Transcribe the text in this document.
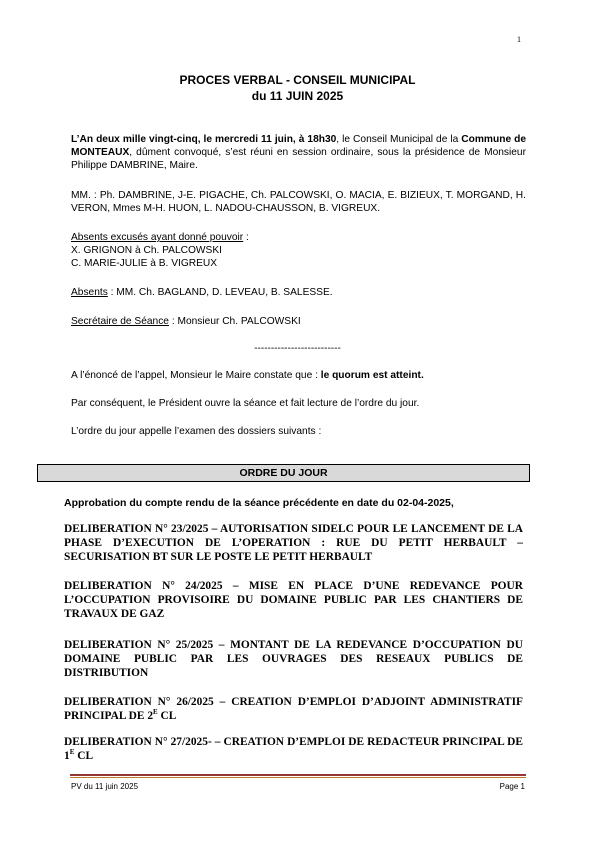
1
PROCES VERBAL - CONSEIL MUNICIPAL
du 11 JUIN 2025
L’An deux mille vingt-cinq, le mercredi 11 juin, à 18h30, le Conseil Municipal de la Commune de MONTEAUX, dûment convoqué, s’est réuni en session ordinaire, sous la présidence de Monsieur Philippe DAMBRINE, Maire.
MM. : Ph. DAMBRINE, J-E. PIGACHE, Ch. PALCOWSKI, O. MACIA, E. BIZIEUX, T. MORGAND, H. VERON, Mmes M-H. HUON, L. NADOU-CHAUSSON, B. VIGREUX.
Absents excusés ayant donné pouvoir :
X. GRIGNON à Ch. PALCOWSKI
C. MARIE-JULIE à B. VIGREUX
Absents : MM. Ch. BAGLAND, D. LEVEAU, B. SALESSE.
Secrétaire de Séance : Monsieur Ch. PALCOWSKI
--------------------------
A l’énoncé de l’appel, Monsieur le Maire constate que : le quorum est atteint.
Par conséquent, le Président ouvre la séance et fait lecture de l’ordre du jour.
L’ordre du jour appelle l’examen des dossiers suivants :
ORDRE DU JOUR
Approbation du compte rendu de la séance précédente en date du 02-04-2025,
DELIBERATION N° 23/2025 – AUTORISATION SIDELC POUR LE LANCEMENT DE LA PHASE D’EXECUTION DE L’OPERATION : RUE DU PETIT HERBAULT – SECURISATION BT SUR LE POSTE LE PETIT HERBAULT
DELIBERATION N° 24/2025 – MISE EN PLACE D’UNE REDEVANCE POUR L’OCCUPATION PROVISOIRE DU DOMAINE PUBLIC PAR LES CHANTIERS DE TRAVAUX DE GAZ
DELIBERATION N° 25/2025 – MONTANT DE LA REDEVANCE D’OCCUPATION DU DOMAINE PUBLIC PAR LES OUVRAGES DES RESEAUX PUBLICS DE DISTRIBUTION
DELIBERATION N° 26/2025 – CREATION D’EMPLOI D’ADJOINT ADMINISTRATIF PRINCIPAL DE $2^E$ CL
DELIBERATION N° 27/2025- – CREATION D’EMPLOI DE REDACTEUR PRINCIPAL DE $1^E$ CL
PV du 11 juin 2025	Page 1
